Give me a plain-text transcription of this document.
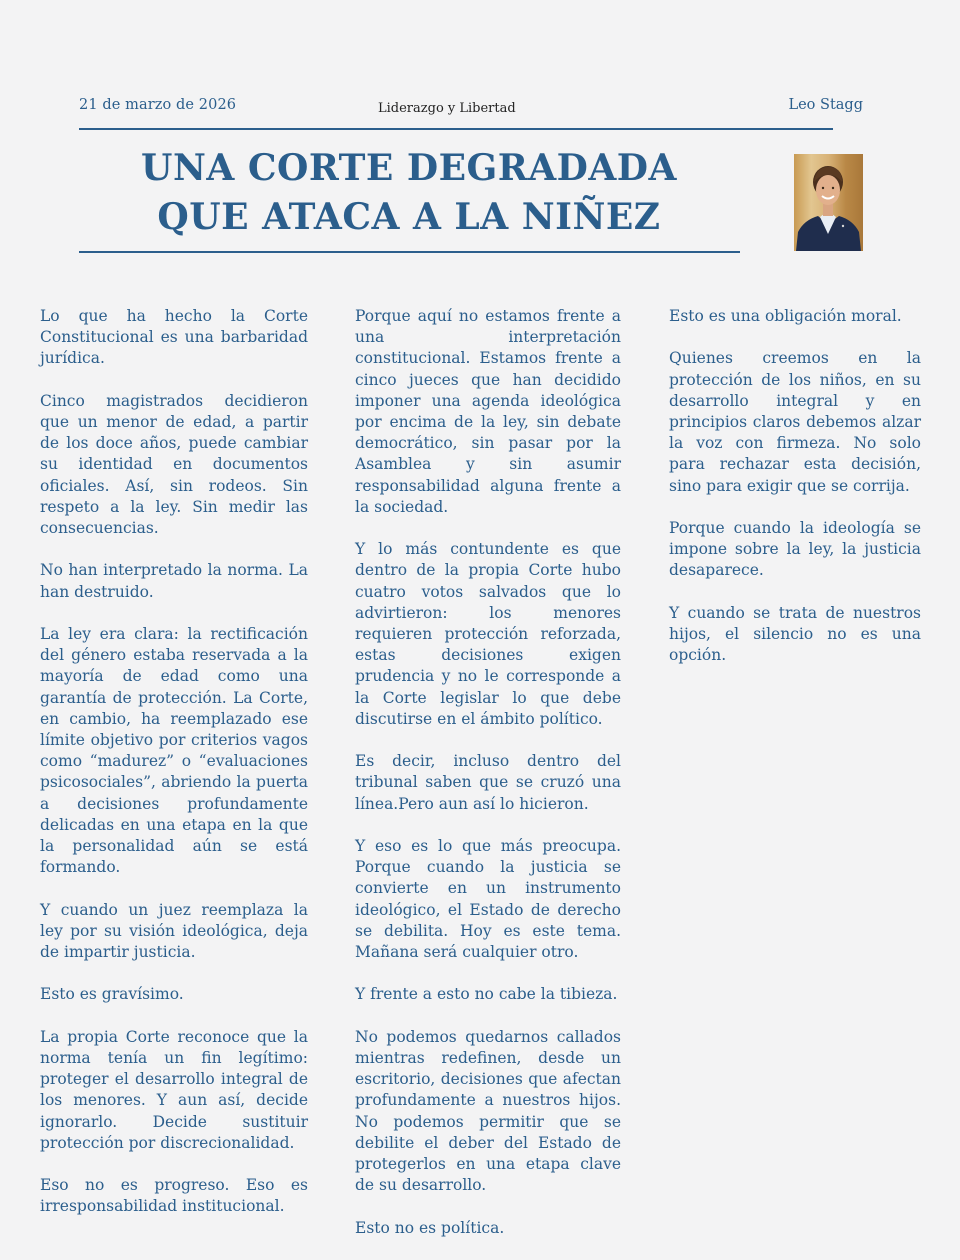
21 de marzo de 2026	Liderazgo y Libertad	Leo Stagg
UNA CORTE DEGRADADA
QUE ATACA A LA NIÑEZ

Lo que ha hecho la Corte Constitucional es una barbaridad jurídica.

Cinco magistrados decidieron que un menor de edad, a partir de los doce años, puede cambiar su identidad en documentos oficiales. Así, sin rodeos. Sin respeto a la ley. Sin medir las consecuencias.

No han interpretado la norma. La han destruido.

La ley era clara: la rectificación del género estaba reservada a la mayoría de edad como una garantía de protección. La Corte, en cambio, ha reemplazado ese límite objetivo por criterios vagos como “madurez” o “evaluaciones psicosociales”, abriendo la puerta a decisiones profundamente delicadas en una etapa en la que la personalidad aún se está formando.

Y cuando un juez reemplaza la ley por su visión ideológica, deja de impartir justicia.

Esto es gravísimo.

La propia Corte reconoce que la norma tenía un fin legítimo: proteger el desarrollo integral de los menores. Y aun así, decide ignorarlo. Decide sustituir protección por discrecionalidad.

Eso no es progreso. Eso es irresponsabilidad institucional.

Porque aquí no estamos frente a una interpretación constitucional. Estamos frente a cinco jueces que han decidido imponer una agenda ideológica por encima de la ley, sin debate democrático, sin pasar por la Asamblea y sin asumir responsabilidad alguna frente a la sociedad.

Y lo más contundente es que dentro de la propia Corte hubo cuatro votos salvados que lo advirtieron: los menores requieren protección reforzada, estas decisiones exigen prudencia y no le corresponde a la Corte legislar lo que debe discutirse en el ámbito político.

Es decir, incluso dentro del tribunal saben que se cruzó una línea.Pero aun así lo hicieron.

Y eso es lo que más preocupa. Porque cuando la justicia se convierte en un instrumento ideológico, el Estado de derecho se debilita. Hoy es este tema. Mañana será cualquier otro.

Y frente a esto no cabe la tibieza.

No podemos quedarnos callados mientras redefinen, desde un escritorio, decisiones que afectan profundamente a nuestros hijos. No podemos permitir que se debilite el deber del Estado de protegerlos en una etapa clave de su desarrollo.

Esto no es política.

Esto es una obligación moral.

Quienes creemos en la protección de los niños, en su desarrollo integral y en principios claros debemos alzar la voz con firmeza. No solo para rechazar esta decisión, sino para exigir que se corrija.

Porque cuando la ideología se impone sobre la ley, la justicia desaparece.

Y cuando se trata de nuestros hijos, el silencio no es una opción.
